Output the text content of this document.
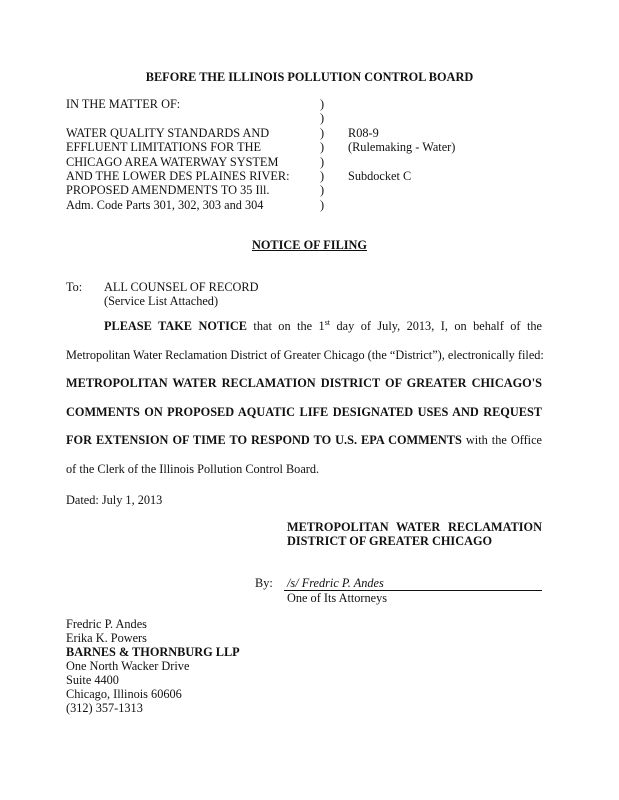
BEFORE THE ILLINOIS POLLUTION CONTROL BOARD
IN THE MATTER OF:
WATER QUALITY STANDARDS AND
EFFLUENT LIMITATIONS FOR THE
CHICAGO AREA WATERWAY SYSTEM
AND THE LOWER DES PLAINES RIVER:
PROPOSED AMENDMENTS TO 35 Ill.
Adm. Code Parts 301, 302, 303 and 304
)
)
)
)
)
)
)
)
R08-9
(Rulemaking - Water)
Subdocket C
NOTICE OF FILING
To: ALL COUNSEL OF RECORD
(Service List Attached)
PLEASE TAKE NOTICE that on the 1st day of July, 2013, I, on behalf of the
Metropolitan Water Reclamation District of Greater Chicago (the “District”), electronically filed:
METROPOLITAN WATER RECLAMATION DISTRICT OF GREATER CHICAGO'S
COMMENTS ON PROPOSED AQUATIC LIFE DESIGNATED USES AND REQUEST
FOR EXTENSION OF TIME TO RESPOND TO U.S. EPA COMMENTS with the Office
of the Clerk of the Illinois Pollution Control Board.
Dated: July 1, 2013
METROPOLITAN WATER RECLAMATION
DISTRICT OF GREATER CHICAGO
By: /s/ Fredric P. Andes
One of Its Attorneys
Fredric P. Andes
Erika K. Powers
BARNES & THORNBURG LLP
One North Wacker Drive
Suite 4400
Chicago, Illinois 60606
(312) 357-1313
